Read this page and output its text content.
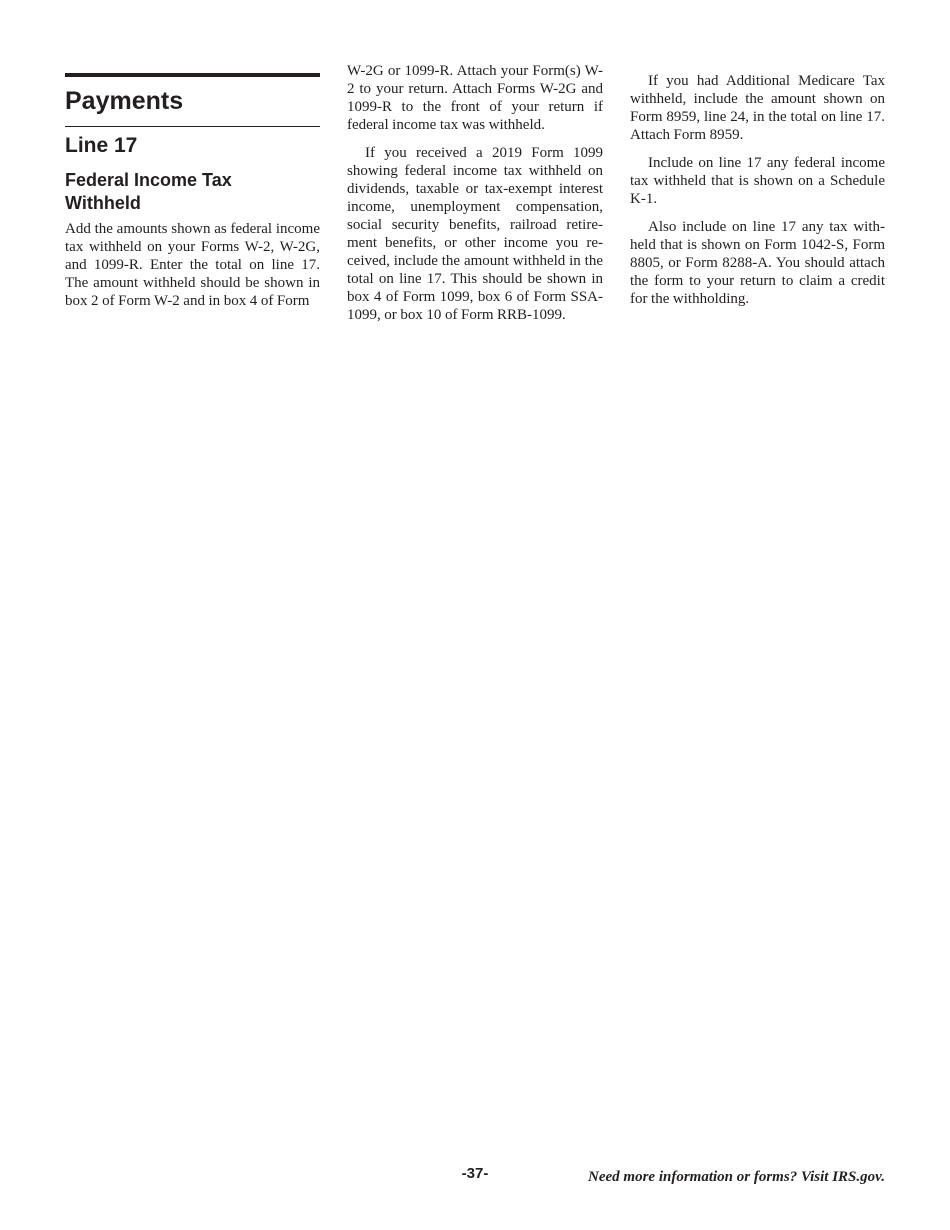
Payments
Line 17
Federal Income Tax
Withheld

Add the amounts shown as federal income tax withheld on your Forms W-2, W-2G, and 1099-R. Enter the total on line 17. The amount withheld should be shown in box 2 of Form W-2 and in box 4 of Form

W-2G or 1099-R. Attach your Form(s) W-2 to your return. Attach Forms W-2G and 1099-R to the front of your return if federal income tax was withheld.

If you received a 2019 Form 1099 showing federal income tax withheld on dividends, taxable or tax-exempt interest income, unemployment compensation, social security benefits, railroad retirement benefits, or other income you received, include the amount withheld in the total on line 17. This should be shown in box 4 of Form 1099, box 6 of Form SSA-1099, or box 10 of Form RRB-1099.

If you had Additional Medicare Tax withheld, include the amount shown on Form 8959, line 24, in the total on line 17. Attach Form 8959.

Include on line 17 any federal income tax withheld that is shown on a Schedule K-1.

Also include on line 17 any tax withheld that is shown on Form 1042-S, Form 8805, or Form 8288-A. You should attach the form to your return to claim a credit for the withholding.

-37-	Need more information or forms? Visit IRS.gov.
